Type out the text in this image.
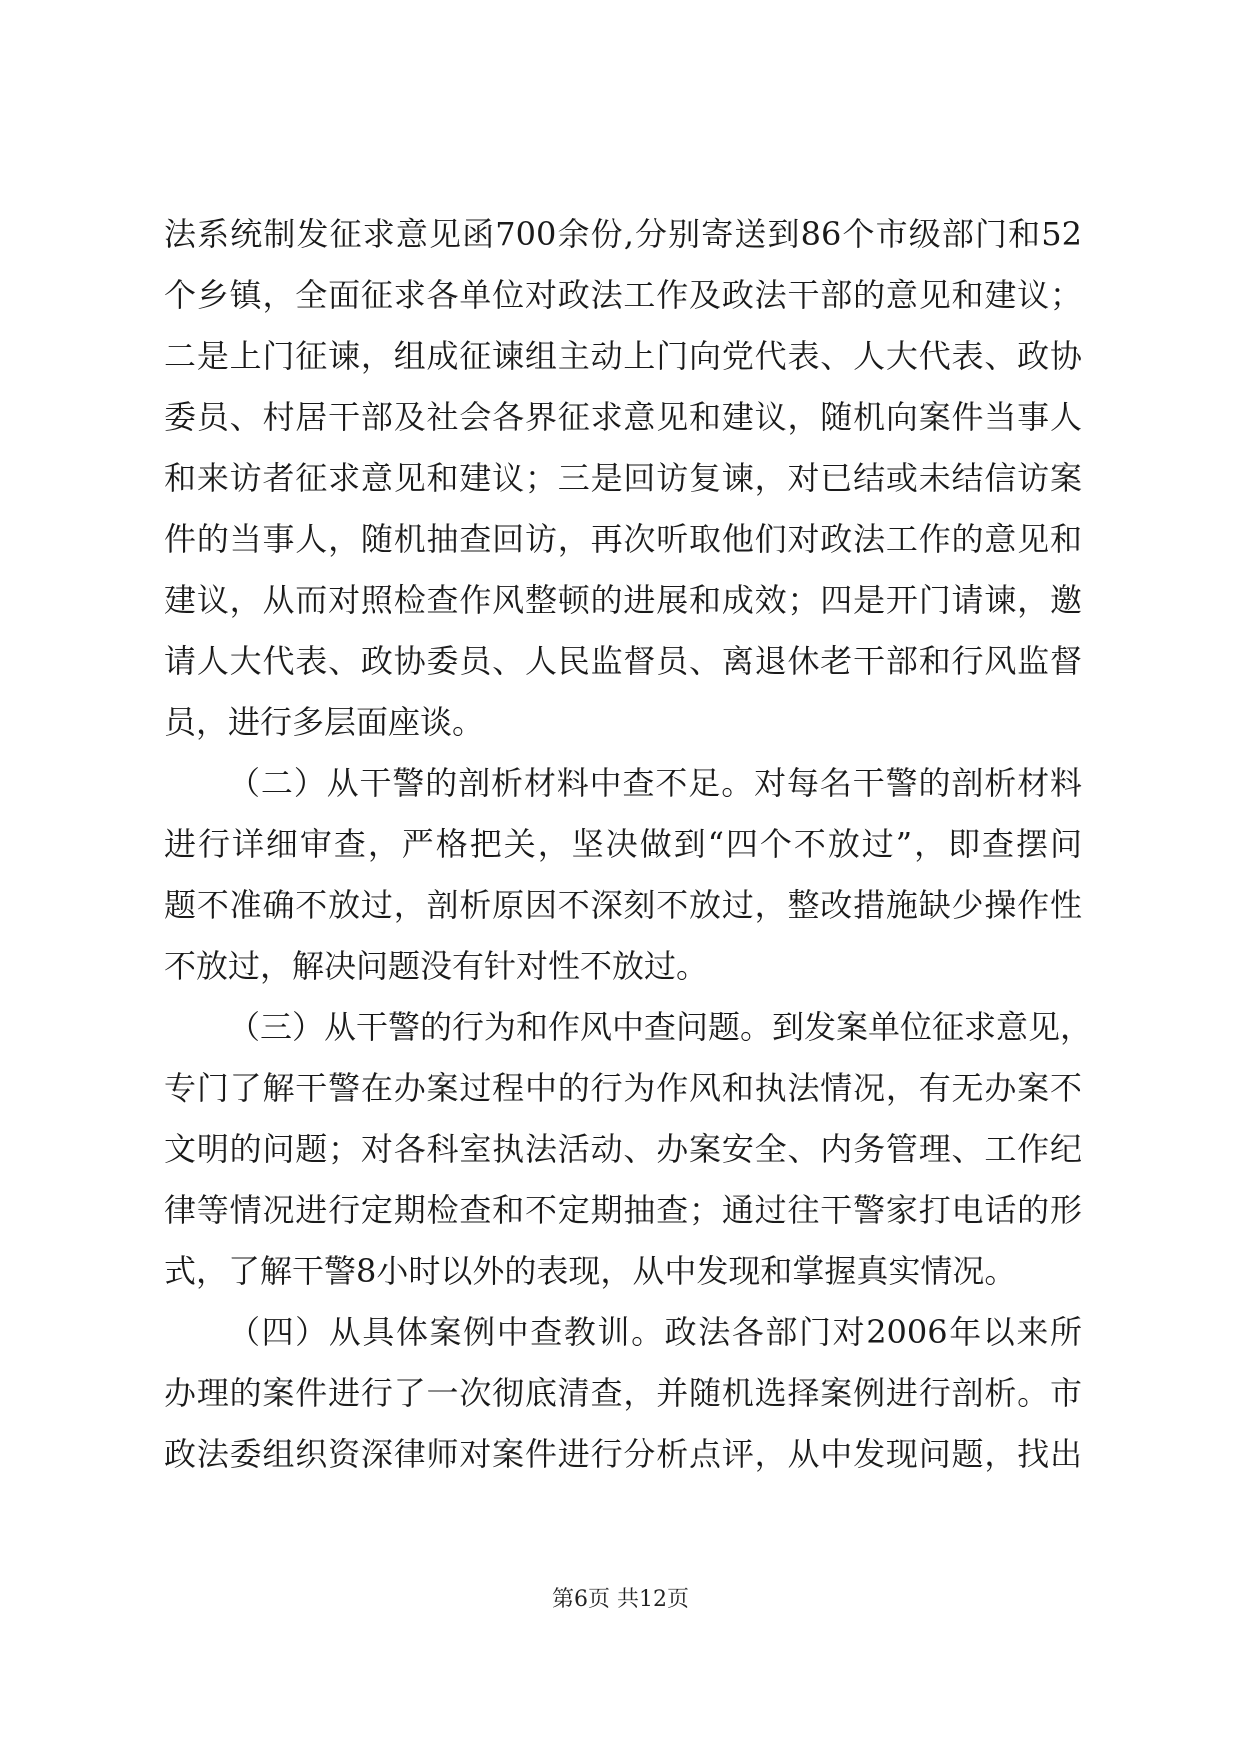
法系统制发征求意见函700余份,分别寄送到86个市级部门和52
个乡镇，全面征求各单位对政法工作及政法干部的意见和建议；
二是上门征谏，组成征谏组主动上门向党代表、人大代表、政协
委员、村居干部及社会各界征求意见和建议，随机向案件当事人
和来访者征求意见和建议；三是回访复谏，对已结或未结信访案
件的当事人，随机抽查回访，再次听取他们对政法工作的意见和
建议，从而对照检查作风整顿的进展和成效；四是开门请谏，邀
请人大代表、政协委员、人民监督员、离退休老干部和行风监督
员，进行多层面座谈。
（二）从干警的剖析材料中查不足。对每名干警的剖析材料
进行详细审查，严格把关，坚决做到“四个不放过”，即查摆问
题不准确不放过，剖析原因不深刻不放过，整改措施缺少操作性
不放过，解决问题没有针对性不放过。
（三）从干警的行为和作风中查问题。到发案单位征求意见，
专门了解干警在办案过程中的行为作风和执法情况，有无办案不
文明的问题；对各科室执法活动、办案安全、内务管理、工作纪
律等情况进行定期检查和不定期抽查；通过往干警家打电话的形
式，了解干警8小时以外的表现，从中发现和掌握真实情况。
（四）从具体案例中查教训。政法各部门对2006年以来所
办理的案件进行了一次彻底清查，并随机选择案例进行剖析。市
政法委组织资深律师对案件进行分析点评，从中发现问题，找出
第6页 共12页
